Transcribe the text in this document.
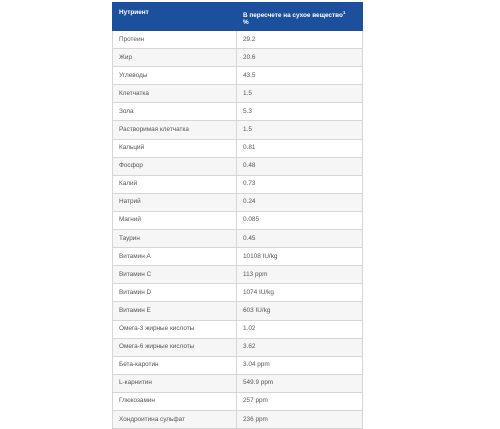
Нутриент	В пересчете на сухое вещество$^1$
%
Протеин	29.2
Жир	20.6
Углеводы	43.5
Клетчатка	1.5
Зола	5.3
Растворимая клетчатка	1.5
Кальций	0.81
Фосфор	0.48
Калий	0.73
Натрий	0.24
Магний	0.085
Таурин	0.45
Витамин A	10108 IU/kg
Витамин C	113 ppm
Витамин D	1074 IU/kg
Витамин E	603 IU/kg
Омега-3 жирные кислоты	1.02
Омега-6 жирные кислоты	3.62
Бета-каротин	3.04 ppm
L-карнитин	549.9 ppm
Глюкозамин	257 ppm
Хондроитина сульфат	236 ppm
